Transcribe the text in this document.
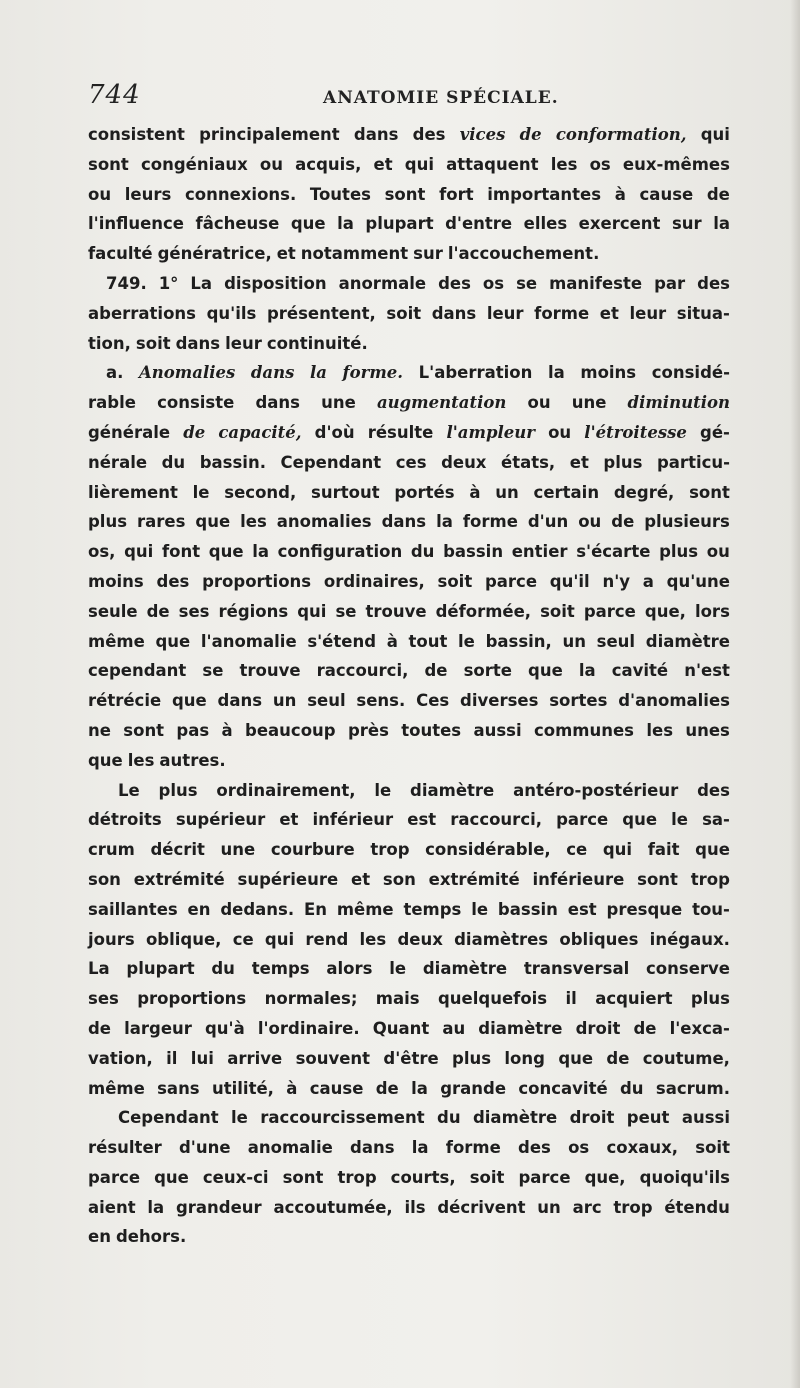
744	ANATOMIE SPÉCIALE.
consistent principalement dans des vices de conformation, qui
sont congéniaux ou acquis, et qui attaquent les os eux-mêmes
ou leurs connexions. Toutes sont fort importantes à cause de
l'influence fâcheuse que la plupart d'entre elles exercent sur la
faculté génératrice, et notamment sur l'accouchement.
749. 1° La disposition anormale des os se manifeste par des
aberrations qu'ils présentent, soit dans leur forme et leur situa-
tion, soit dans leur continuité.
a. Anomalies dans la forme. L'aberration la moins considé-
rable consiste dans une augmentation ou une diminution
générale de capacité, d'où résulte l'ampleur ou l'étroitesse gé-
nérale du bassin. Cependant ces deux états, et plus particu-
lièrement le second, surtout portés à un certain degré, sont
plus rares que les anomalies dans la forme d'un ou de plusieurs
os, qui font que la configuration du bassin entier s'écarte plus ou
moins des proportions ordinaires, soit parce qu'il n'y a qu'une
seule de ses régions qui se trouve déformée, soit parce que, lors
même que l'anomalie s'étend à tout le bassin, un seul diamètre
cependant se trouve raccourci, de sorte que la cavité n'est
rétrécie que dans un seul sens. Ces diverses sortes d'anomalies
ne sont pas à beaucoup près toutes aussi communes les unes
que les autres.
Le plus ordinairement, le diamètre antéro-postérieur des
détroits supérieur et inférieur est raccourci, parce que le sa-
crum décrit une courbure trop considérable, ce qui fait que
son extrémité supérieure et son extrémité inférieure sont trop
saillantes en dedans. En même temps le bassin est presque tou-
jours oblique, ce qui rend les deux diamètres obliques inégaux.
La plupart du temps alors le diamètre transversal conserve
ses proportions normales; mais quelquefois il acquiert plus
de largeur qu'à l'ordinaire. Quant au diamètre droit de l'exca-
vation, il lui arrive souvent d'être plus long que de coutume,
même sans utilité, à cause de la grande concavité du sacrum.
Cependant le raccourcissement du diamètre droit peut aussi
résulter d'une anomalie dans la forme des os coxaux, soit
parce que ceux-ci sont trop courts, soit parce que, quoiqu'ils
aient la grandeur accoutumée, ils décrivent un arc trop étendu
en dehors.
